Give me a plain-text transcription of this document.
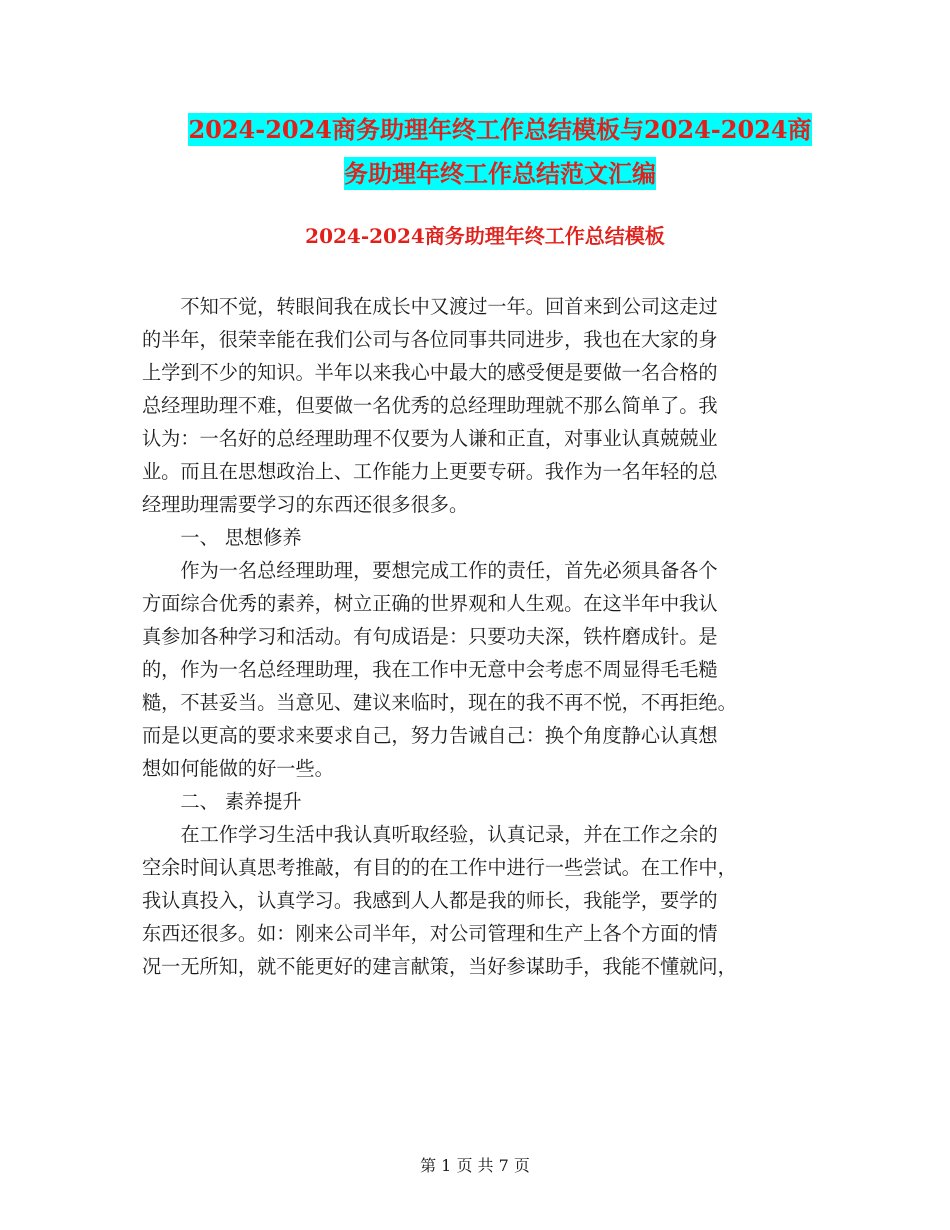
2024-2024商务助理年终工作总结模板与2024-2024商
务助理年终工作总结范文汇编
2024-2024商务助理年终工作总结模板

不知不觉，转眼间我在成长中又渡过一年。回首来到公司这走过
的半年，很荣幸能在我们公司与各位同事共同进步，我也在大家的身
上学到不少的知识。半年以来我心中最大的感受便是要做一名合格的
总经理助理不难，但要做一名优秀的总经理助理就不那么简单了。我
认为：一名好的总经理助理不仅要为人谦和正直，对事业认真兢兢业
业。而且在思想政治上、工作能力上更要专研。我作为一名年轻的总
经理助理需要学习的东西还很多很多。

一、 思想修养

作为一名总经理助理，要想完成工作的责任，首先必须具备各个
方面综合优秀的素养，树立正确的世界观和人生观。在这半年中我认
真参加各种学习和活动。有句成语是：只要功夫深，铁杵磨成针。是
的，作为一名总经理助理，我在工作中无意中会考虑不周显得毛毛糙
糙，不甚妥当。当意见、建议来临时，现在的我不再不悦，不再拒绝。
而是以更高的要求来要求自己，努力告诫自己：换个角度静心认真想
想如何能做的好一些。

二、 素养提升

在工作学习生活中我认真听取经验，认真记录，并在工作之余的
空余时间认真思考推敲，有目的的在工作中进行一些尝试。在工作中，
我认真投入，认真学习。我感到人人都是我的师长，我能学，要学的
东西还很多。如：刚来公司半年，对公司管理和生产上各个方面的情
况一无所知，就不能更好的建言献策，当好参谋助手，我能不懂就问，

第 1 页 共 7 页
